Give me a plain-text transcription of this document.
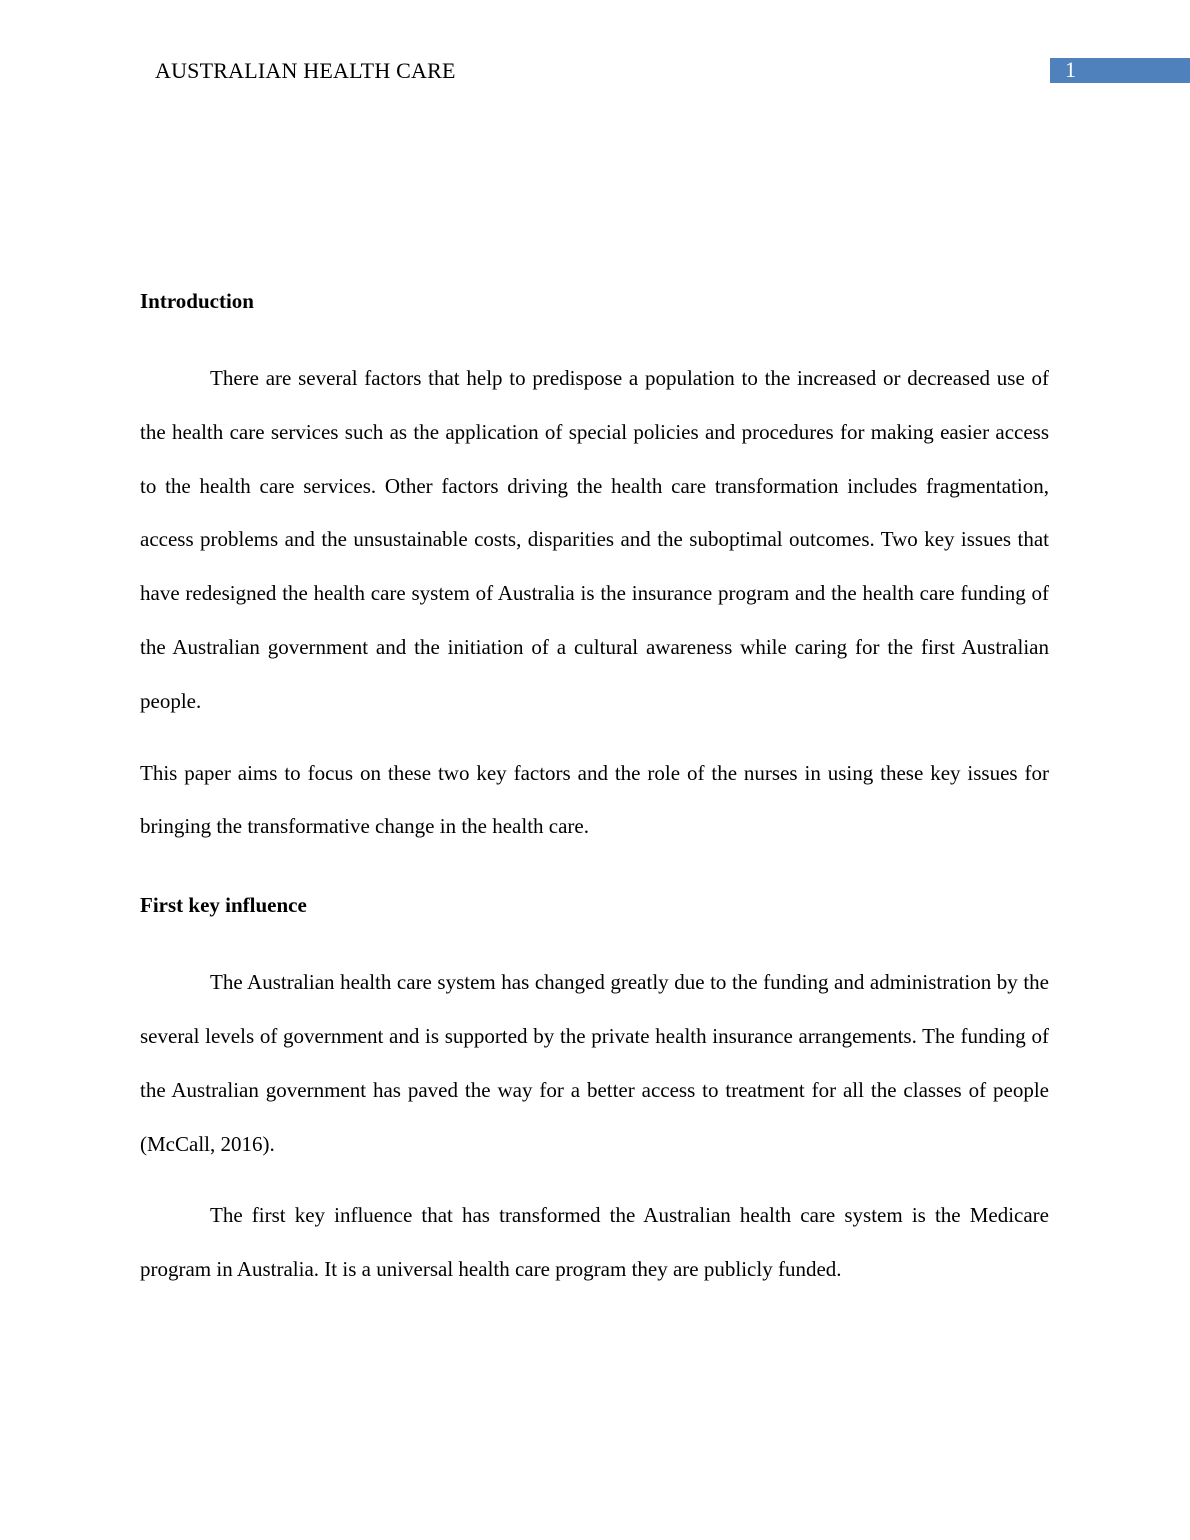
AUSTRALIAN HEALTH CARE	1
Introduction

There are several factors that help to predispose a population to the increased or decreased use of the health care services such as the application of special policies and procedures for making easier access to the health care services. Other factors driving the health care transformation includes fragmentation, access problems and the unsustainable costs, disparities and the suboptimal outcomes. Two key issues that have redesigned the health care system of Australia is the insurance program and the health care funding of the Australian government and the initiation of a cultural awareness while caring for the first Australian people.

This paper aims to focus on these two key factors and the role of the nurses in using these key issues for bringing the transformative change in the health care.

First key influence

The Australian health care system has changed greatly due to the funding and administration by the several levels of government and is supported by the private health insurance arrangements. The funding of the Australian government has paved the way for a better access to treatment for all the classes of people (McCall, 2016).

The first key influence that has transformed the Australian health care system is the Medicare program in Australia. It is a universal health care program they are publicly funded.
